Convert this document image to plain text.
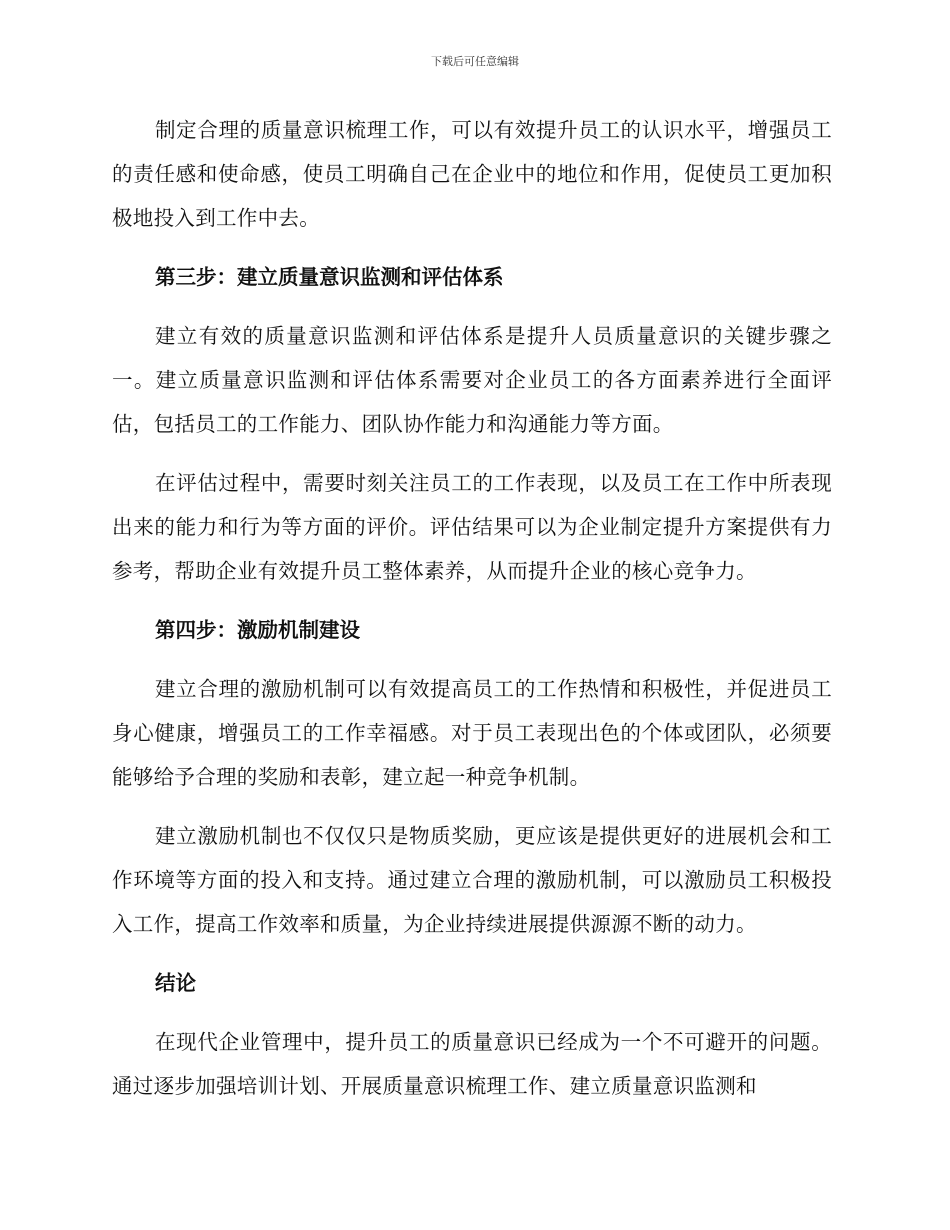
下载后可任意编辑

制定合理的质量意识梳理工作，可以有效提升员工的认识水平，增强员工的责任感和使命感，使员工明确自己在企业中的地位和作用，促使员工更加积极地投入到工作中去。

第三步：建立质量意识监测和评估体系

建立有效的质量意识监测和评估体系是提升人员质量意识的关键步骤之一。建立质量意识监测和评估体系需要对企业员工的各方面素养进行全面评估，包括员工的工作能力、团队协作能力和沟通能力等方面。

在评估过程中，需要时刻关注员工的工作表现，以及员工在工作中所表现出来的能力和行为等方面的评价。评估结果可以为企业制定提升方案提供有力参考，帮助企业有效提升员工整体素养，从而提升企业的核心竞争力。

第四步：激励机制建设

建立合理的激励机制可以有效提高员工的工作热情和积极性，并促进员工身心健康，增强员工的工作幸福感。对于员工表现出色的个体或团队，必须要能够给予合理的奖励和表彰，建立起一种竞争机制。

建立激励机制也不仅仅只是物质奖励，更应该是提供更好的进展机会和工作环境等方面的投入和支持。通过建立合理的激励机制，可以激励员工积极投入工作，提高工作效率和质量，为企业持续进展提供源源不断的动力。

结论

在现代企业管理中，提升员工的质量意识已经成为一个不可避开的问题。通过逐步加强培训计划、开展质量意识梳理工作、建立质量意识监测和
